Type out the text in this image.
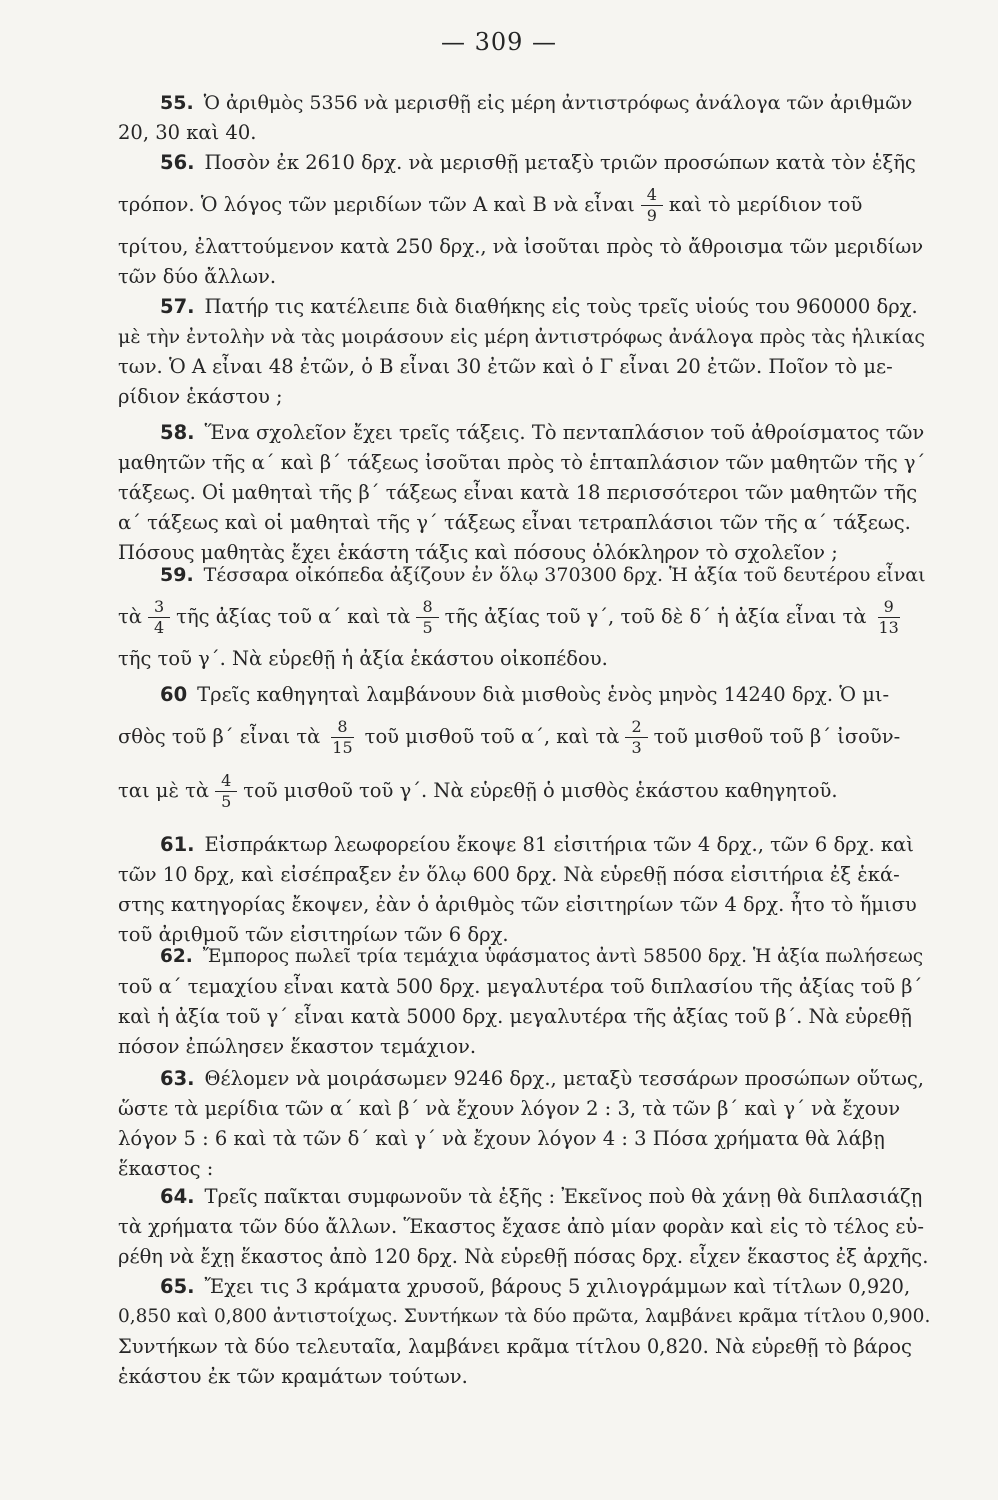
— 309 —
55. Ὁ ἀριθμὸς 5356 νὰ μερισθῇ εἰς μέρη ἀντιστρόφως ἀνάλογα τῶν ἀριθμῶν
20, 30 καὶ 40.
56. Ποσὸν ἐκ 2610 δρχ. νὰ μερισθῇ μεταξὺ τριῶν προσώπων κατὰ τὸν ἑξῆς
τρόπον. Ὁ λόγος τῶν μεριδίων τῶν Α καὶ Β νὰ εἶναι $\frac{4}{9}$ καὶ τὸ μερίδιον τοῦ
τρίτου, ἐλαττούμενον κατὰ 250 δρχ., νὰ ἰσοῦται πρὸς τὸ ἄθροισμα τῶν μεριδίων
τῶν δύο ἄλλων.
57. Πατήρ τις κατέλειπε διὰ διαθήκης εἰς τοὺς τρεῖς υἱούς του 960000 δρχ.
μὲ τὴν ἐντολὴν νὰ τὰς μοιράσουν εἰς μέρη ἀντιστρόφως ἀνάλογα πρὸς τὰς ἡλικίας
των. Ὁ Α εἶναι 48 ἐτῶν, ὁ Β εἶναι 30 ἐτῶν καὶ ὁ Γ εἶναι 20 ἐτῶν. Ποῖον τὸ με-
ρίδιον ἑκάστου ;
58. Ἕνα σχολεῖον ἔχει τρεῖς τάξεις. Τὸ πενταπλάσιον τοῦ ἀθροίσματος τῶν
μαθητῶν τῆς α΄ καὶ β΄ τάξεως ἰσοῦται πρὸς τὸ ἑπταπλάσιον τῶν μαθητῶν τῆς γ΄
τάξεως. Οἱ μαθηταὶ τῆς β΄ τάξεως εἶναι κατὰ 18 περισσότεροι τῶν μαθητῶν τῆς
α΄ τάξεως καὶ οἱ μαθηταὶ τῆς γ΄ τάξεως εἶναι τετραπλάσιοι τῶν τῆς α΄ τάξεως.
Πόσους μαθητὰς ἔχει ἑκάστη τάξις καὶ πόσους ὁλόκληρον τὸ σχολεῖον ;
59. Τέσσαρα οἰκόπεδα ἀξίζουν ἐν ὅλῳ 370300 δρχ. Ἡ ἀξία τοῦ δευτέρου εἶναι
τὰ $\frac{3}{4}$ τῆς ἀξίας τοῦ α΄ καὶ τὰ $\frac{8}{5}$ τῆς ἀξίας τοῦ γ΄, τοῦ δὲ δ΄ ἡ ἀξία εἶναι τὰ $\frac{9}{13}$
τῆς τοῦ γ΄. Νὰ εὑρεθῇ ἡ ἀξία ἑκάστου οἰκοπέδου.
60 Τρεῖς καθηγηταὶ λαμβάνουν διὰ μισθοὺς ἑνὸς μηνὸς 14240 δρχ. Ὁ μι-
σθὸς τοῦ β΄ εἶναι τὰ $\frac{8}{15}$ τοῦ μισθοῦ τοῦ α΄, καὶ τὰ $\frac{2}{3}$ τοῦ μισθοῦ τοῦ β΄ ἰσοῦν-
ται μὲ τὰ $\frac{4}{5}$ τοῦ μισθοῦ τοῦ γ΄. Νὰ εὑρεθῇ ὁ μισθὸς ἑκάστου καθηγητοῦ.
61. Εἰσπράκτωρ λεωφορείου ἔκοψε 81 εἰσιτήρια τῶν 4 δρχ., τῶν 6 δρχ. καὶ
τῶν 10 δρχ, καὶ εἰσέπραξεν ἐν ὅλῳ 600 δρχ. Νὰ εὑρεθῇ πόσα εἰσιτήρια ἐξ ἑκά-
στης κατηγορίας ἔκοψεν, ἐὰν ὁ ἀριθμὸς τῶν εἰσιτηρίων τῶν 4 δρχ. ἦτο τὸ ἥμισυ
τοῦ ἀριθμοῦ τῶν εἰσιτηρίων τῶν 6 δρχ.
62. Ἔμπορος πωλεῖ τρία τεμάχια ὑφάσματος ἀντὶ 58500 δρχ. Ἡ ἀξία πωλήσεως
τοῦ α΄ τεμαχίου εἶναι κατὰ 500 δρχ. μεγαλυτέρα τοῦ διπλασίου τῆς ἀξίας τοῦ β΄
καὶ ἡ ἀξία τοῦ γ΄ εἶναι κατὰ 5000 δρχ. μεγαλυτέρα τῆς ἀξίας τοῦ β΄. Νὰ εὑρεθῇ
πόσον ἐπώλησεν ἕκαστον τεμάχιον.
63. Θέλομεν νὰ μοιράσωμεν 9246 δρχ., μεταξὺ τεσσάρων προσώπων οὕτως,
ὥστε τὰ μερίδια τῶν α΄ καὶ β΄ νὰ ἔχουν λόγον 2 : 3, τὰ τῶν β΄ καὶ γ΄ νὰ ἔχουν
λόγον 5 : 6 καὶ τὰ τῶν δ΄ καὶ γ΄ νὰ ἔχουν λόγον 4 : 3 Πόσα χρήματα θὰ λάβῃ
ἕκαστος :
64. Τρεῖς παῖκται συμφωνοῦν τὰ ἑξῆς : Ἐκεῖνος ποὺ θὰ χάνῃ θὰ διπλασιάζῃ
τὰ χρήματα τῶν δύο ἄλλων. Ἕκαστος ἔχασε ἀπὸ μίαν φορὰν καὶ εἰς τὸ τέλος εὑ-
ρέθη νὰ ἔχῃ ἕκαστος ἀπὸ 120 δρχ. Νὰ εὑρεθῇ πόσας δρχ. εἶχεν ἕκαστος ἐξ ἀρχῆς.
65. Ἔχει τις 3 κράματα χρυσοῦ, βάρους 5 χιλιογράμμων καὶ τίτλων 0,920,
0,850 καὶ 0,800 ἀντιστοίχως. Συντήκων τὰ δύο πρῶτα, λαμβάνει κρᾶμα τίτλου 0,900.
Συντήκων τὰ δύο τελευταῖα, λαμβάνει κρᾶμα τίτλου 0,820. Νὰ εὑρεθῇ τὸ βάρος
ἑκάστου ἐκ τῶν κραμάτων τούτων.
